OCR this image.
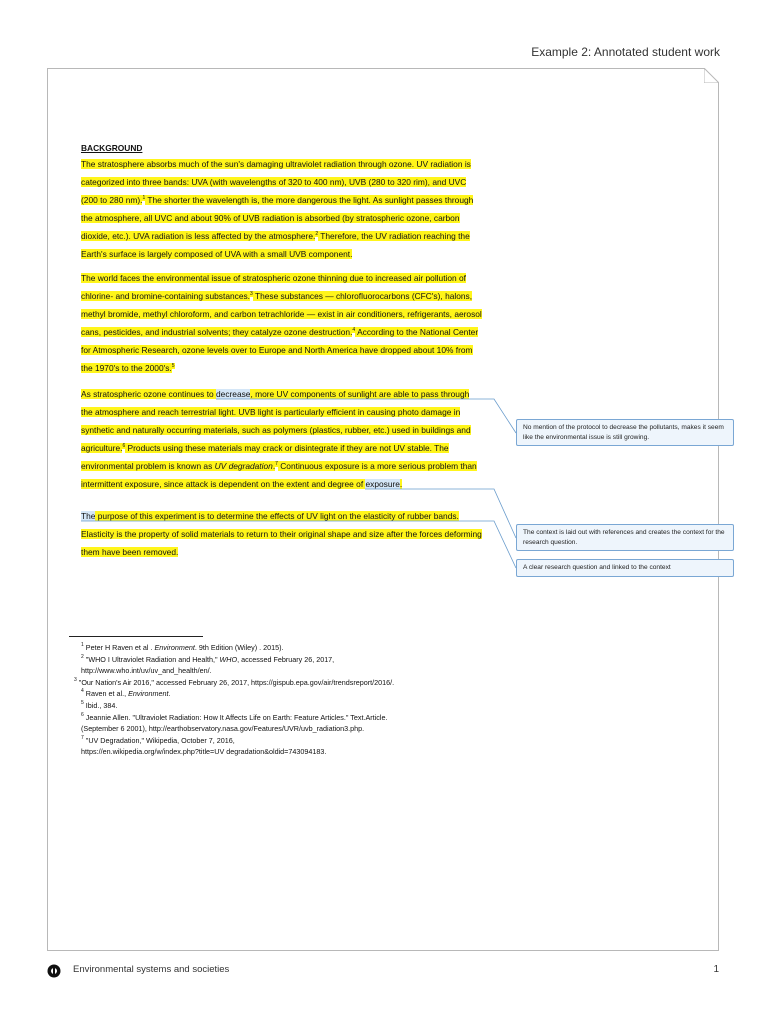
Example 2: Annotated student work
BACKGROUND

The stratosphere absorbs much of the sun's damaging ultraviolet radiation through ozone. UV radiation is categorized into three bands: UVA (with wavelengths of 320 to 400 nm), UVB (280 to 320 rim), and UVC (200 to 280 nm).$^1$ The shorter the wavelength is, the more dangerous the light. As sunlight passes through the atmosphere, all UVC and about 90% of UVB radiation is absorbed (by stratospheric ozone, carbon dioxide, etc.). UVA radiation is less affected by the atmosphere.$^2$ Therefore, the UV radiation reaching the Earth's surface is largely composed of UVA with a small UVB component.

The world faces the environmental issue of stratospheric ozone thinning due to increased air pollution of chlorine- and bromine-containing substances.$^3$ These substances — chlorofluorocarbons (CFC's), halons, methyl bromide, methyl chloroform, and carbon tetrachloride — exist in air conditioners, refrigerants, aerosol cans, pesticides, and industrial solvents; they catalyze ozone destruction.$^4$ According to the National Center for Atmospheric Research, ozone levels over to Europe and North America have dropped about 10% from the 1970's to the 2000's.$^5$

As stratospheric ozone continues to decrease, more UV components of sunlight are able to pass through the atmosphere and reach terrestrial light. UVB light is particularly efficient in causing photo damage in synthetic and naturally occurring materials, such as polymers (plastics, rubber, etc.) used in buildings and agriculture.$^6$ Products using these materials may crack or disintegrate if they are not UV stable. The environmental problem is known as UV degradation.$^7$ Continuous exposure is a more serious problem than intermittent exposure, since attack is dependent on the extent and degree of exposure.

The purpose of this experiment is to determine the effects of UV light on the elasticity of rubber bands. Elasticity is the property of solid materials to return to their original shape and size after the forces deforming them have been removed.

$^1$ Peter H Raven et al . Environment. 9th Edition (Wiley) . 2015).
$^2$ "WHO I Ultraviolet Radiation and Health," WHO, accessed February 26, 2017,
http://www.who.int/uv/uv_and_health/en/.
$^3$ "Our Nation's Air 2016," accessed February 26, 2017, https://gispub.epa.gov/air/trendsreport/2016/.
$^4$ Raven et al., Environment.
$^5$ Ibid., 384.
$^6$ Jeannie Allen. "Ultraviolet Radiation: How It Affects Life on Earth: Feature Articles." Text.Article.
(September 6 2001), http://earthobservatory.nasa.gov/Features/UVR/uvb_radiation3.php.
$^7$ "UV Degradation," Wikipedia, October 7, 2016,
https://en.wikipedia.org/w/index.php?title=UV degradation&oldid=743094183.
No mention of the protocol to decrease the pollutants, makes it seem like the environmental issue is still growing.
The context is laid out with references and creates the context for the research question.
A clear research question and linked to the context
Environmental systems and societies	1
